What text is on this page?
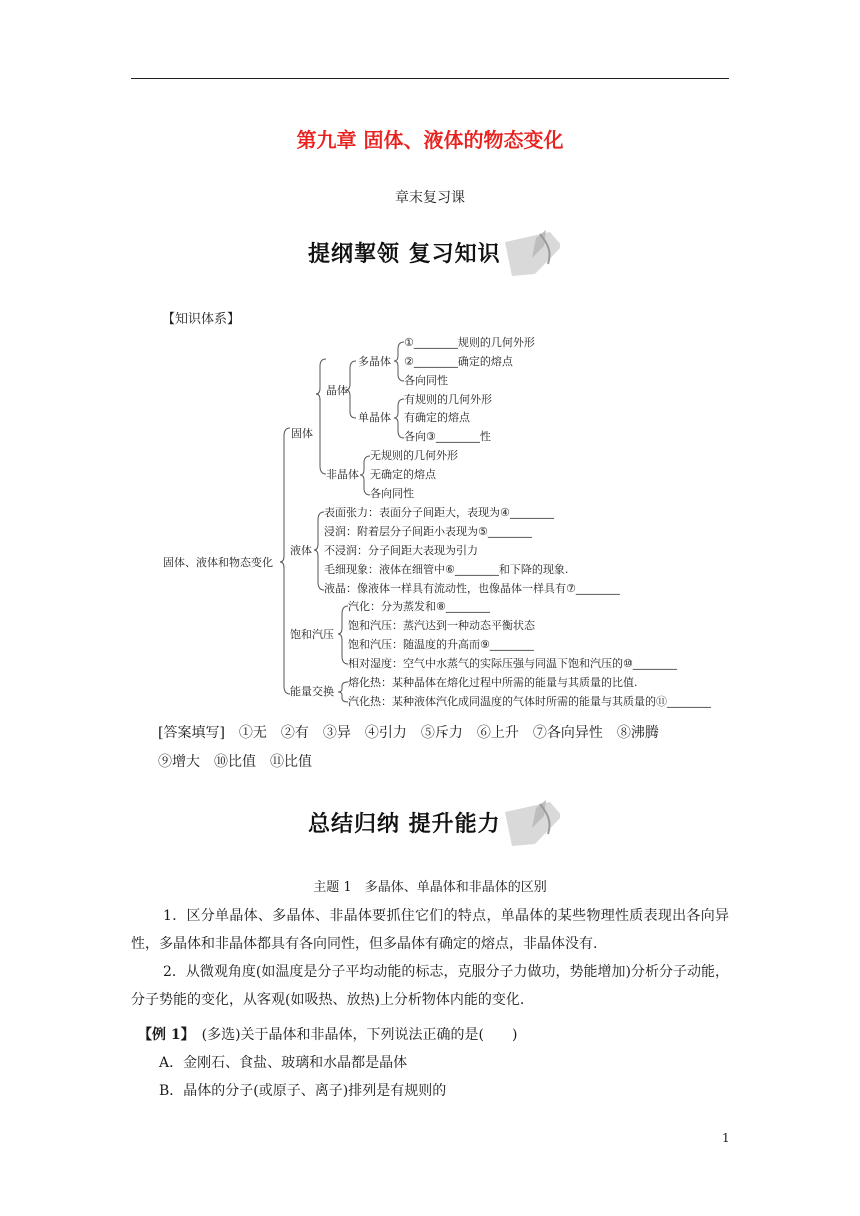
第九章 固体、液体的物态变化
章末复习课
提纲挈领 复习知识
【知识体系】
固体、液体和物态变化
固体
晶体
多晶体
①________规则的几何外形
②________确定的熔点
各向同性
单晶体
有规则的几何外形
有确定的熔点
各向③________性
非晶体
无规则的几何外形
无确定的熔点
各向同性
液体
表面张力：表面分子间距大，表现为④________
浸润：附着层分子间距小表现为⑤________
不浸润：分子间距大表现为引力
毛细现象：液体在细管中⑥________和下降的现象.
液晶：像液体一样具有流动性，也像晶体一样具有⑦________
饱和汽压
汽化：分为蒸发和⑧________
饱和汽压：蒸汽达到一种动态平衡状态
饱和汽压：随温度的升高而⑨________
相对湿度：空气中水蒸气的实际压强与同温下饱和汽压的⑩________
能量交换
熔化热：某种晶体在熔化过程中所需的能量与其质量的比值.
汽化热：某种液体汽化成同温度的气体时所需的能量与其质量的⑪________
[答案填写]　①无　②有　③异　④引力　⑤斥力　⑥上升　⑦各向异性　⑧沸腾
⑨增大　⑩比值　⑪比值
总结归纳 提升能力
主题 1　多晶体、单晶体和非晶体的区别
1．区分单晶体、多晶体、非晶体要抓住它们的特点，单晶体的某些物理性质表现出各向异性，多晶体和非晶体都具有各向同性，但多晶体有确定的熔点，非晶体没有.
2．从微观角度(如温度是分子平均动能的标志，克服分子力做功，势能增加)分析分子动能，分子势能的变化，从客观(如吸热、放热)上分析物体内能的变化.
【例 1】　(多选)关于晶体和非晶体，下列说法正确的是(　　)
A．金刚石、食盐、玻璃和水晶都是晶体
B．晶体的分子(或原子、离子)排列是有规则的
1
